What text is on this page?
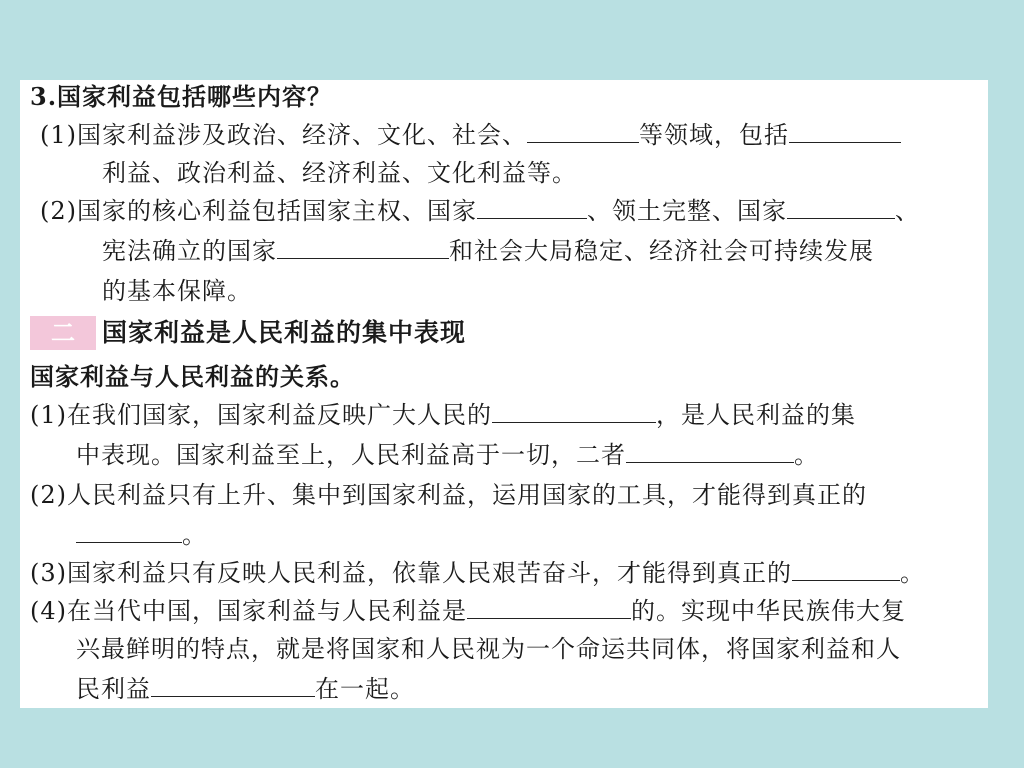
3.国家利益包括哪些内容？
(1)国家利益涉及政治、经济、文化、社会、	等领域，包括
利益、政治利益、经济利益、文化利益等。
(2)国家的核心利益包括国家主权、国家	、领土完整、国家	、
宪法确立的国家	和社会大局稳定、经济社会可持续发展
的基本保障。
二	国家利益是人民利益的集中表现
国家利益与人民利益的关系。
(1)在我们国家，国家利益反映广大人民的	，是人民利益的集
中表现。国家利益至上，人民利益高于一切，二者	。
(2)人民利益只有上升、集中到国家利益，运用国家的工具，才能得到真正的
。
(3)国家利益只有反映人民利益，依靠人民艰苦奋斗，才能得到真正的	。
(4)在当代中国，国家利益与人民利益是	的。实现中华民族伟大复
兴最鲜明的特点，就是将国家和人民视为一个命运共同体，将国家利益和人
民利益	在一起。
